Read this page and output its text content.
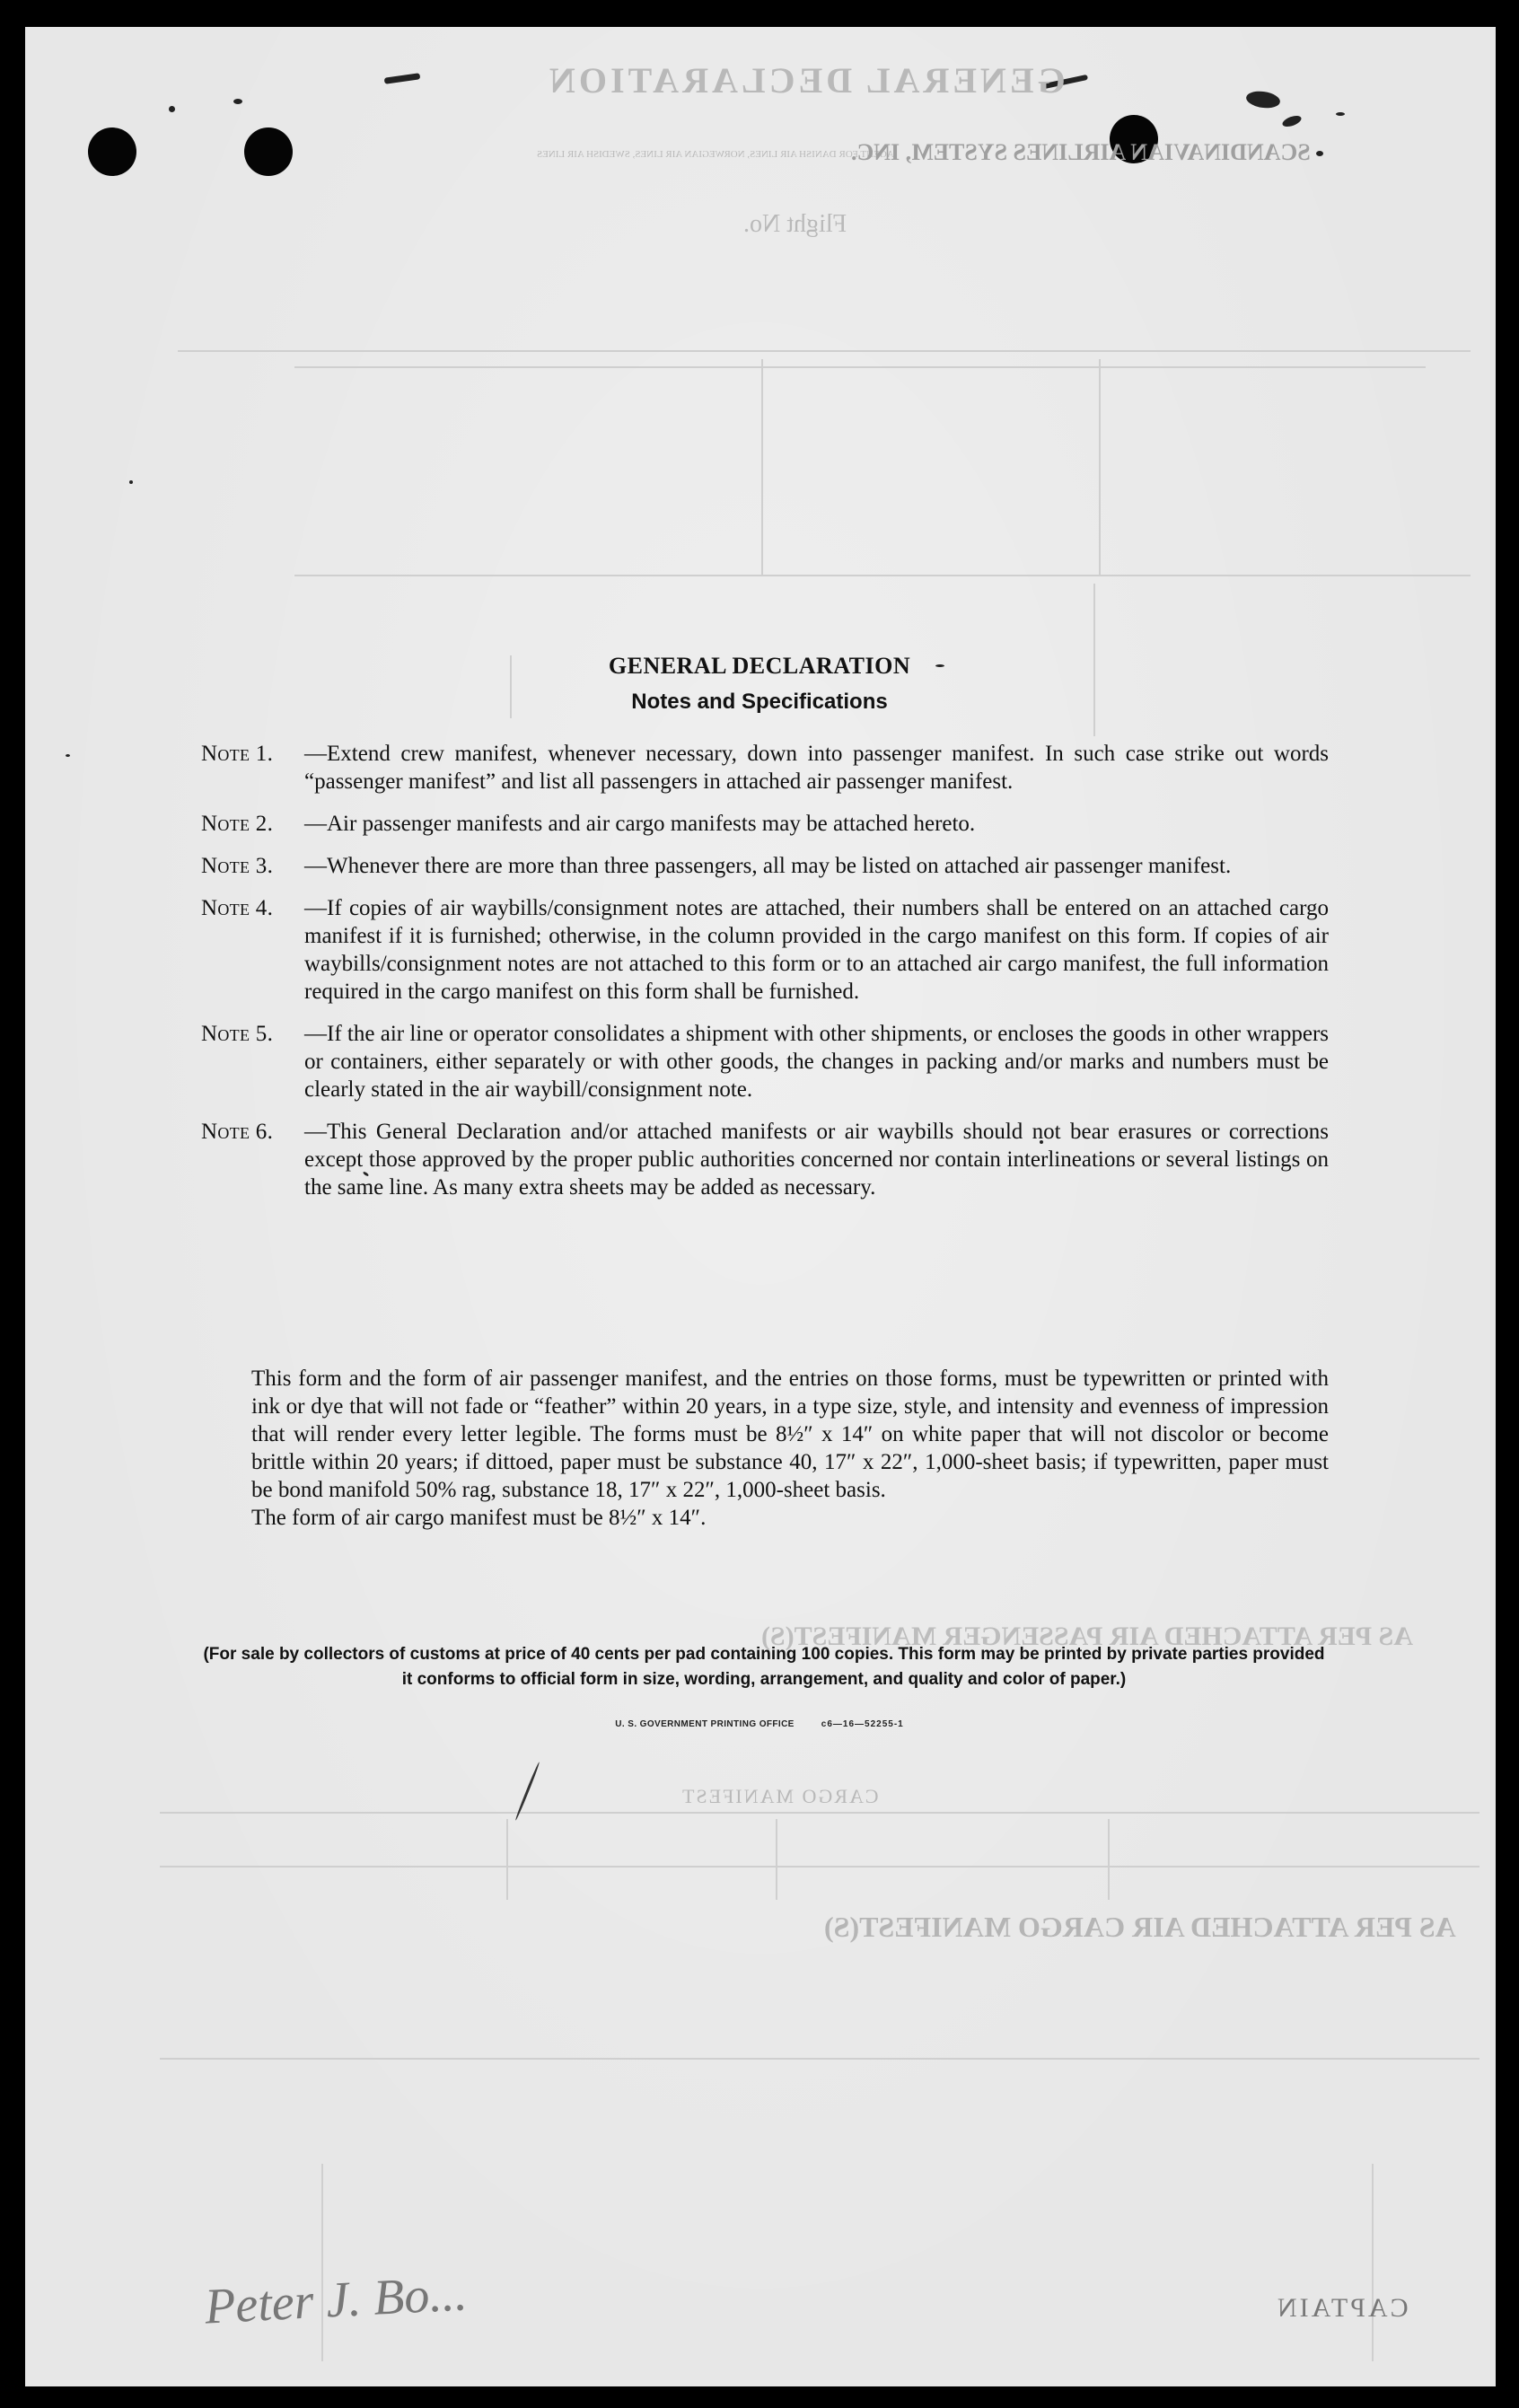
GENERAL DECLARATION
AGENT FOR DANISH AIR LINES, NORWEGIAN AIR LINES, SWEDISH AIR LINES
SCANDINAVIAN AIRLINES SYSTEM, INC.
Flight No.
AS PER ATTACHED AIR PASSENGER MANIFEST(S)
CARGO MANIFEST
AS PER ATTACHED AIR CARGO MANIFEST(S)
CAPTAIN
Peter J. Bo...
GENERAL DECLARATION
Notes and Specifications
Note 1. —Extend crew manifest, whenever necessary, down into passenger manifest. In such case strike out words “passenger manifest” and list all passengers in attached air passenger manifest.
Note 2. —Air passenger manifests and air cargo manifests may be attached hereto.
Note 3. —Whenever there are more than three passengers, all may be listed on attached air passenger manifest.
Note 4. —If copies of air waybills/consignment notes are attached, their numbers shall be entered on an attached cargo manifest if it is furnished; otherwise, in the column provided in the cargo manifest on this form. If copies of air waybills/consignment notes are not attached to this form or to an attached air cargo manifest, the full information required in the cargo manifest on this form shall be furnished.
Note 5. —If the air line or operator consolidates a shipment with other shipments, or encloses the goods in other wrappers or containers, either separately or with other goods, the changes in packing and/or marks and numbers must be clearly stated in the air waybill/consignment note.
Note 6. —This General Declaration and/or attached manifests or air waybills should not bear erasures or corrections except those approved by the proper public authorities concerned nor contain interlineations or several listings on the same line. As many extra sheets may be added as necessary.
This form and the form of air passenger manifest, and the entries on those forms, must be typewritten or printed with ink or dye that will not fade or “feather” within 20 years, in a type size, style, and intensity and evenness of impression that will render every letter legible. The forms must be 8½″ x 14″ on white paper that will not discolor or become brittle within 20 years; if dittoed, paper must be substance 40, 17″ x 22″, 1,000-sheet basis; if typewritten, paper must be bond manifold 50% rag, substance 18, 17″ x 22″, 1,000-sheet basis.
The form of air cargo manifest must be 8½″ x 14″.
(For sale by collectors of customs at price of 40 cents per pad containing 100 copies. This form may be printed by private parties provided it conforms to official form in size, wording, arrangement, and quality and color of paper.)
U. S. GOVERNMENT PRINTING OFFICE	c6—16—52255-1
